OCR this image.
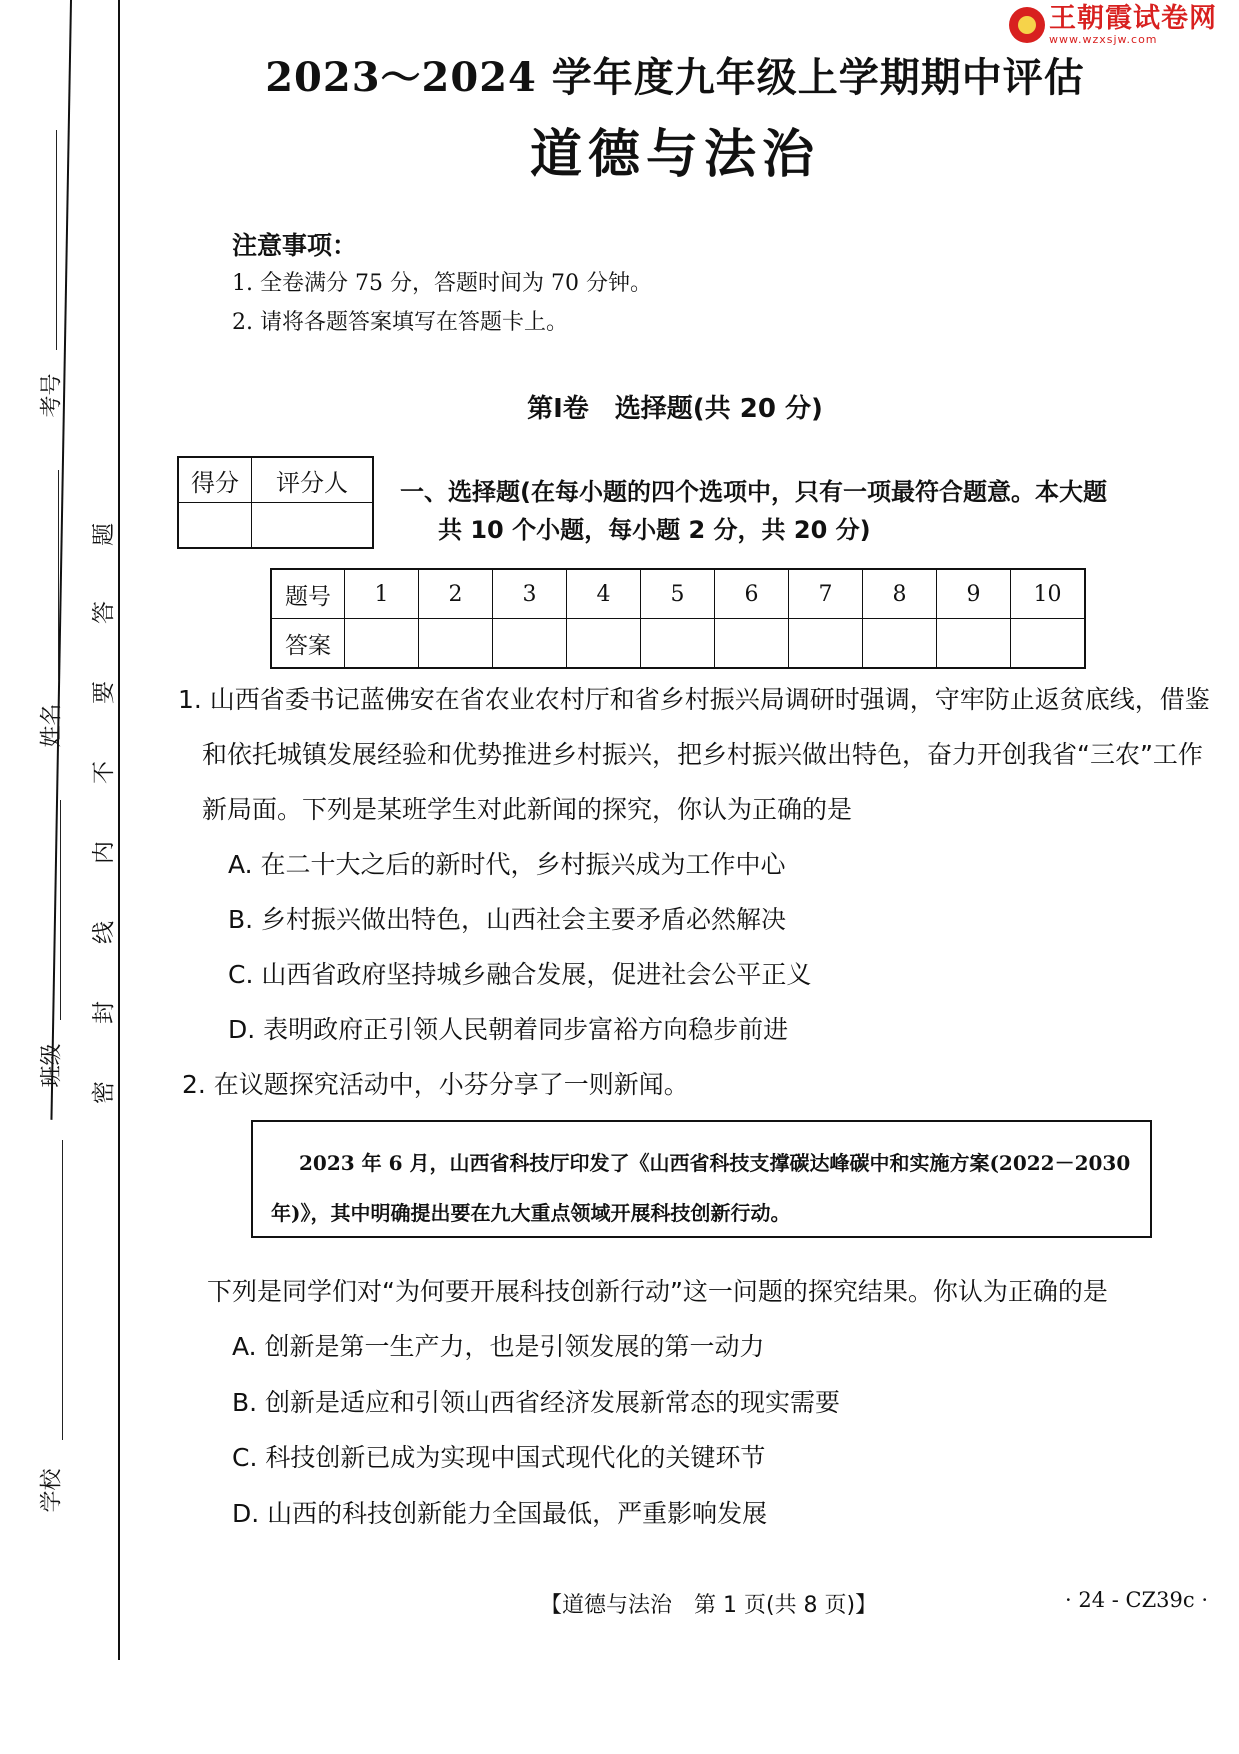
王朝霞试卷网
www.wzxsjw.com
考号
姓名
班级
学校
题
答
要
不
内
线
封
密
2023～2024 学年度九年级上学期期中评估
道德与法治
注意事项：
1. 全卷满分 75 分，答题时间为 70 分钟。
2. 请将各题答案填写在答题卡上。
第Ⅰ卷　选择题(共 20 分)
得分	评分人
	一、选择题(在每小题的四个选项中，只有一项最符合题意。本大题
共 10 个小题，每小题 2 分，共 20 分)
题号	1	2	3	4	5	6	7	8	9	10
答案										
1. 山西省委书记蓝佛安在省农业农村厅和省乡村振兴局调研时强调，守牢防止返贫底线，借鉴
和依托城镇发展经验和优势推进乡村振兴，把乡村振兴做出特色，奋力开创我省“三农”工作
新局面。下列是某班学生对此新闻的探究，你认为正确的是
A. 在二十大之后的新时代，乡村振兴成为工作中心
B. 乡村振兴做出特色，山西社会主要矛盾必然解决
C. 山西省政府坚持城乡融合发展，促进社会公平正义
D. 表明政府正引领人民朝着同步富裕方向稳步前进
2. 在议题探究活动中，小芬分享了一则新闻。
2023 年 6 月，山西省科技厅印发了《山西省科技支撑碳达峰碳中和实施方案(2022－2030
年)》，其中明确提出要在九大重点领域开展科技创新行动。
下列是同学们对“为何要开展科技创新行动”这一问题的探究结果。你认为正确的是
A. 创新是第一生产力，也是引领发展的第一动力
B. 创新是适应和引领山西省经济发展新常态的现实需要
C. 科技创新已成为实现中国式现代化的关键环节
D. 山西的科技创新能力全国最低，严重影响发展
【道德与法治　第 1 页(共 8 页)】	· 24 - CZ39c ·
